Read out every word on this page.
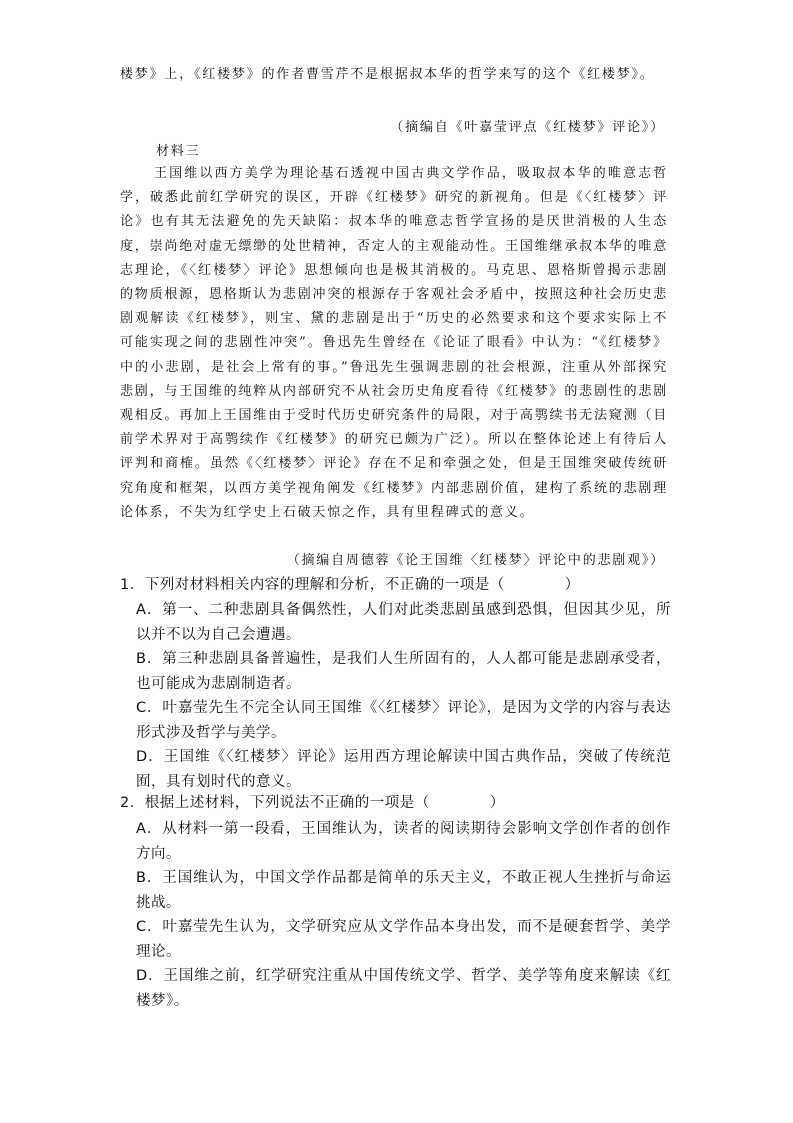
楼梦》上，《红楼梦》的作者曹雪芹不是根据叔本华的哲学来写的这个《红楼梦》。

（摘编自《叶嘉莹评点《红楼梦》评论》）

材料三

王国维以西方美学为理论基石透视中国古典文学作品，吸取叔本华的唯意志哲学，破悉此前红学研究的误区，开辟《红楼梦》研究的新视角。但是《〈红楼梦〉评论》也有其无法避免的先天缺陷：叔本华的唯意志哲学宣扬的是厌世消极的人生态度，崇尚绝对虚无缥缈的处世精神，否定人的主观能动性。王国维继承叔本华的唯意志理论，《〈红楼梦〉评论》思想倾向也是极其消极的。马克思、恩格斯曾揭示悲剧的物质根源，恩格斯认为悲剧冲突的根源存于客观社会矛盾中，按照这种社会历史悲剧观解读《红楼梦》，则宝、黛的悲剧是出于“历史的必然要求和这个要求实际上不可能实现之间的悲剧性冲突”。鲁迅先生曾经在《论证了眼看》中认为：“《红楼梦》中的小悲剧，是社会上常有的事。”鲁迅先生强调悲剧的社会根源，注重从外部探究悲剧，与王国维的纯粹从内部研究不从社会历史角度看待《红楼梦》的悲剧性的悲剧观相反。再加上王国维由于受时代历史研究条件的局限，对于高鹗续书无法窥测（目前学术界对于高鹗续作《红楼梦》的研究已颇为广泛）。所以在整体论述上有待后人评判和商榷。虽然《〈红楼梦〉评论》存在不足和牵强之处，但是王国维突破传统研究角度和框架，以西方美学视角阐发《红楼梦》内部悲剧价值，建构了系统的悲剧理论体系，不失为红学史上石破天惊之作，具有里程碑式的意义。

（摘编自周德蓉《论王国维〈红楼梦〉评论中的悲剧观》）

1．下列对材料相关内容的理解和分析，不正确的一项是（　　　　）

A．第一、二种悲剧具备偶然性，人们对此类悲剧虽感到恐惧，但因其少见，所以并不以为自己会遭遇。

B．第三种悲剧具备普遍性，是我们人生所固有的，人人都可能是悲剧承受者，也可能成为悲剧制造者。

C．叶嘉莹先生不完全认同王国维《〈红楼梦〉评论》，是因为文学的内容与表达形式涉及哲学与美学。

D．王国维《〈红楼梦〉评论》运用西方理论解读中国古典作品，突破了传统范囿，具有划时代的意义。

2．根据上述材料，下列说法不正确的一项是（　　　　）

A．从材料一第一段看，王国维认为，读者的阅读期待会影响文学创作者的创作方向。

B．王国维认为，中国文学作品都是简单的乐天主义，不敢正视人生挫折与命运挑战。

C．叶嘉莹先生认为，文学研究应从文学作品本身出发，而不是硬套哲学、美学理论。

D．王国维之前，红学研究注重从中国传统文学、哲学、美学等角度来解读《红楼梦》。
